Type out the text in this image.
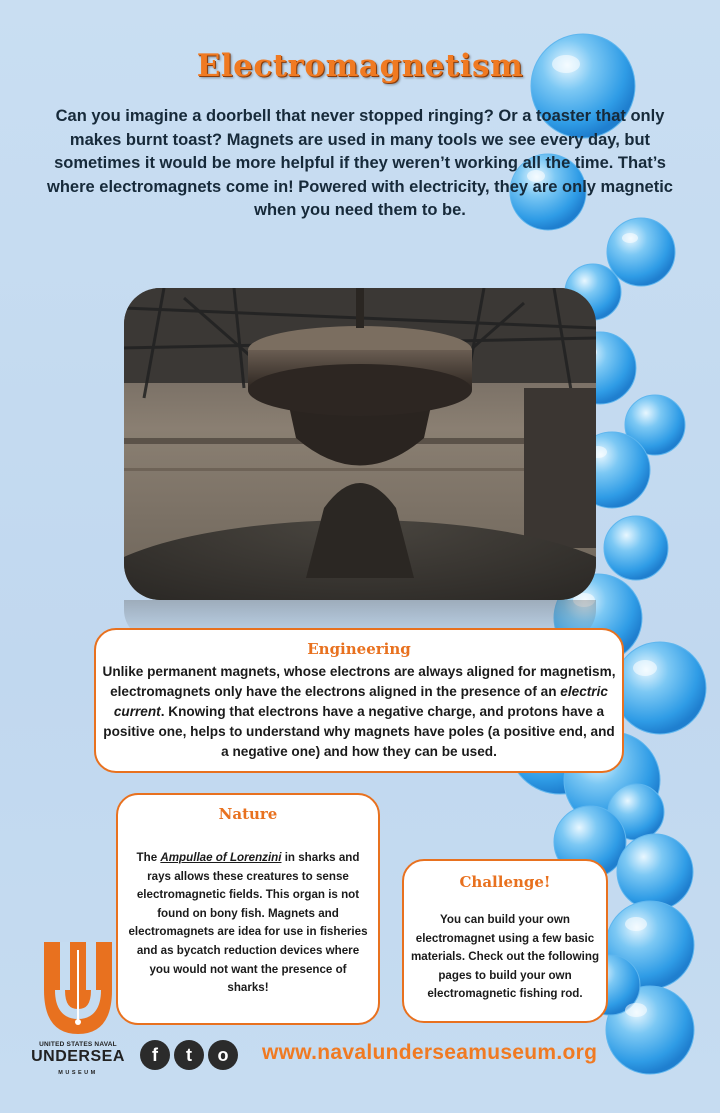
Electromagnetism
Can you imagine a doorbell that never stopped ringing? Or a toaster that only makes burnt toast? Magnets are used in many tools we see every day, but sometimes it would be more helpful if they weren’t working all the time. That’s where electromagnets come in! Powered with electricity, they are only magnetic when you need them to be.
Engineering

Unlike permanent magnets, whose electrons are always aligned for magnetism, electromagnets only have the electrons aligned in the presence of an electric current. Knowing that electrons have a negative charge, and protons have a positive one, helps to understand why magnets have poles (a positive end, and a negative one) and how they can be used.

Nature

The Ampullae of Lorenzini in sharks and rays allows these creatures to sense electromagnetic fields. This organ is not found on bony fish. Magnets and electromagnets are idea for use in fisheries and as bycatch reduction devices where you would not want the presence of sharks!

Challenge!

You can build your own electromagnet using a few basic materials. Check out the following pages to build your own electromagnetic fishing rod.

UNITED STATES NAVAL
UNDERSEA
MUSEUM
f	t	o	www.navalunderseamuseum.org
